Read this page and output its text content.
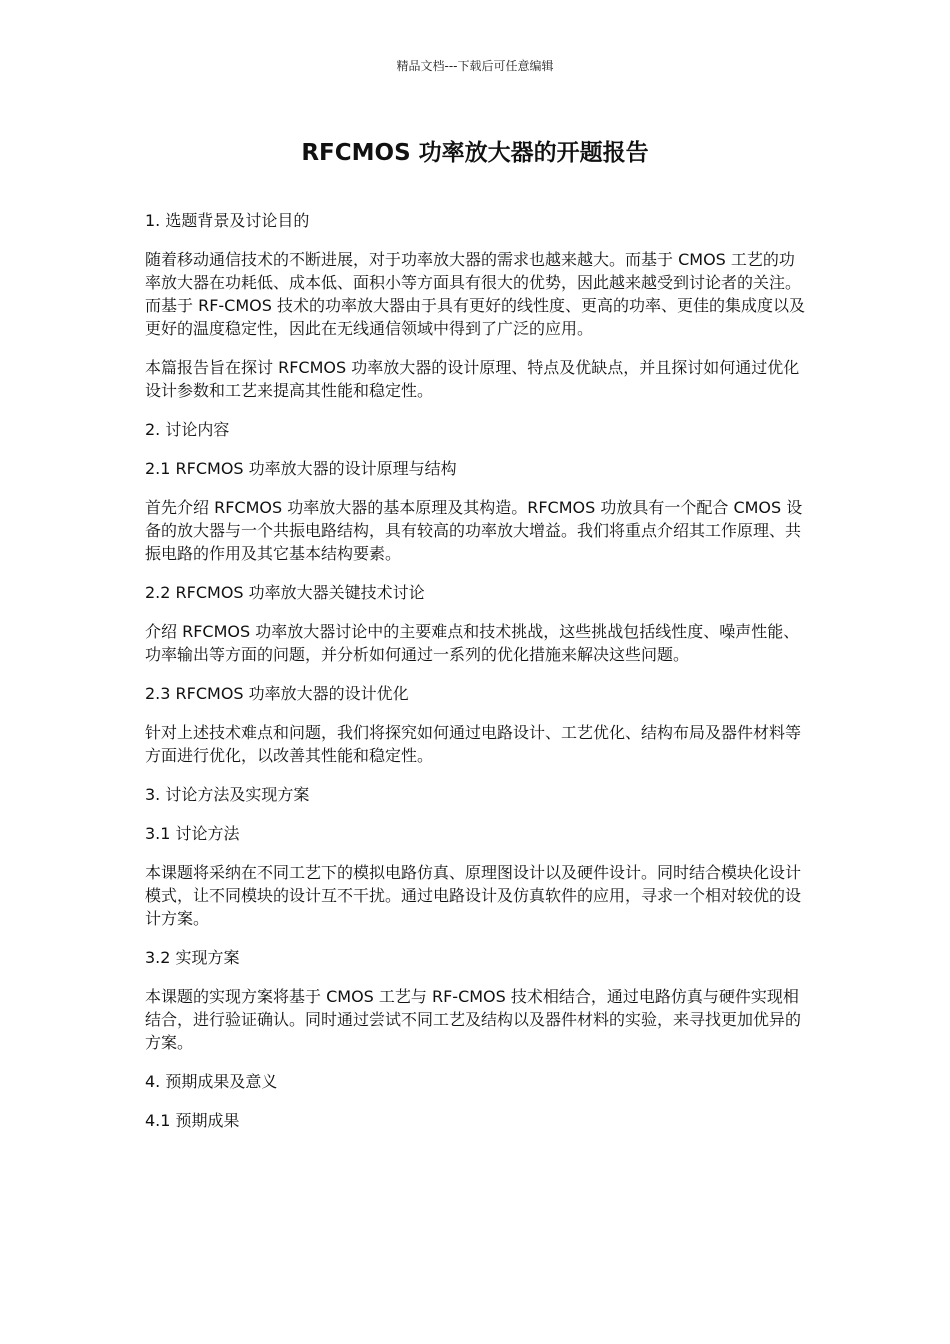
精品文档---下载后可任意编辑
RFCMOS 功率放大器的开题报告
1. 选题背景及讨论目的

随着移动通信技术的不断进展，对于功率放大器的需求也越来越大。而基于 CMOS 工艺的功率放大器在功耗低、成本低、面积小等方面具有很大的优势，因此越来越受到讨论者的关注。而基于 RF-CMOS 技术的功率放大器由于具有更好的线性度、更高的功率、更佳的集成度以及更好的温度稳定性，因此在无线通信领域中得到了广泛的应用。

本篇报告旨在探讨 RFCMOS 功率放大器的设计原理、特点及优缺点，并且探讨如何通过优化设计参数和工艺来提高其性能和稳定性。

2. 讨论内容
2.1 RFCMOS 功率放大器的设计原理与结构

首先介绍 RFCMOS 功率放大器的基本原理及其构造。RFCMOS 功放具有一个配合 CMOS 设备的放大器与一个共振电路结构，具有较高的功率放大增益。我们将重点介绍其工作原理、共振电路的作用及其它基本结构要素。

2.2 RFCMOS 功率放大器关键技术讨论

介绍 RFCMOS 功率放大器讨论中的主要难点和技术挑战，这些挑战包括线性度、噪声性能、功率输出等方面的问题，并分析如何通过一系列的优化措施来解决这些问题。

2.3 RFCMOS 功率放大器的设计优化

针对上述技术难点和问题，我们将探究如何通过电路设计、工艺优化、结构布局及器件材料等方面进行优化，以改善其性能和稳定性。

3. 讨论方法及实现方案
3.1 讨论方法

本课题将采纳在不同工艺下的模拟电路仿真、原理图设计以及硬件设计。同时结合模块化设计模式，让不同模块的设计互不干扰。通过电路设计及仿真软件的应用，寻求一个相对较优的设计方案。

3.2 实现方案

本课题的实现方案将基于 CMOS 工艺与 RF-CMOS 技术相结合，通过电路仿真与硬件实现相结合，进行验证确认。同时通过尝试不同工艺及结构以及器件材料的实验，来寻找更加优异的方案。

4. 预期成果及意义
4.1 预期成果
